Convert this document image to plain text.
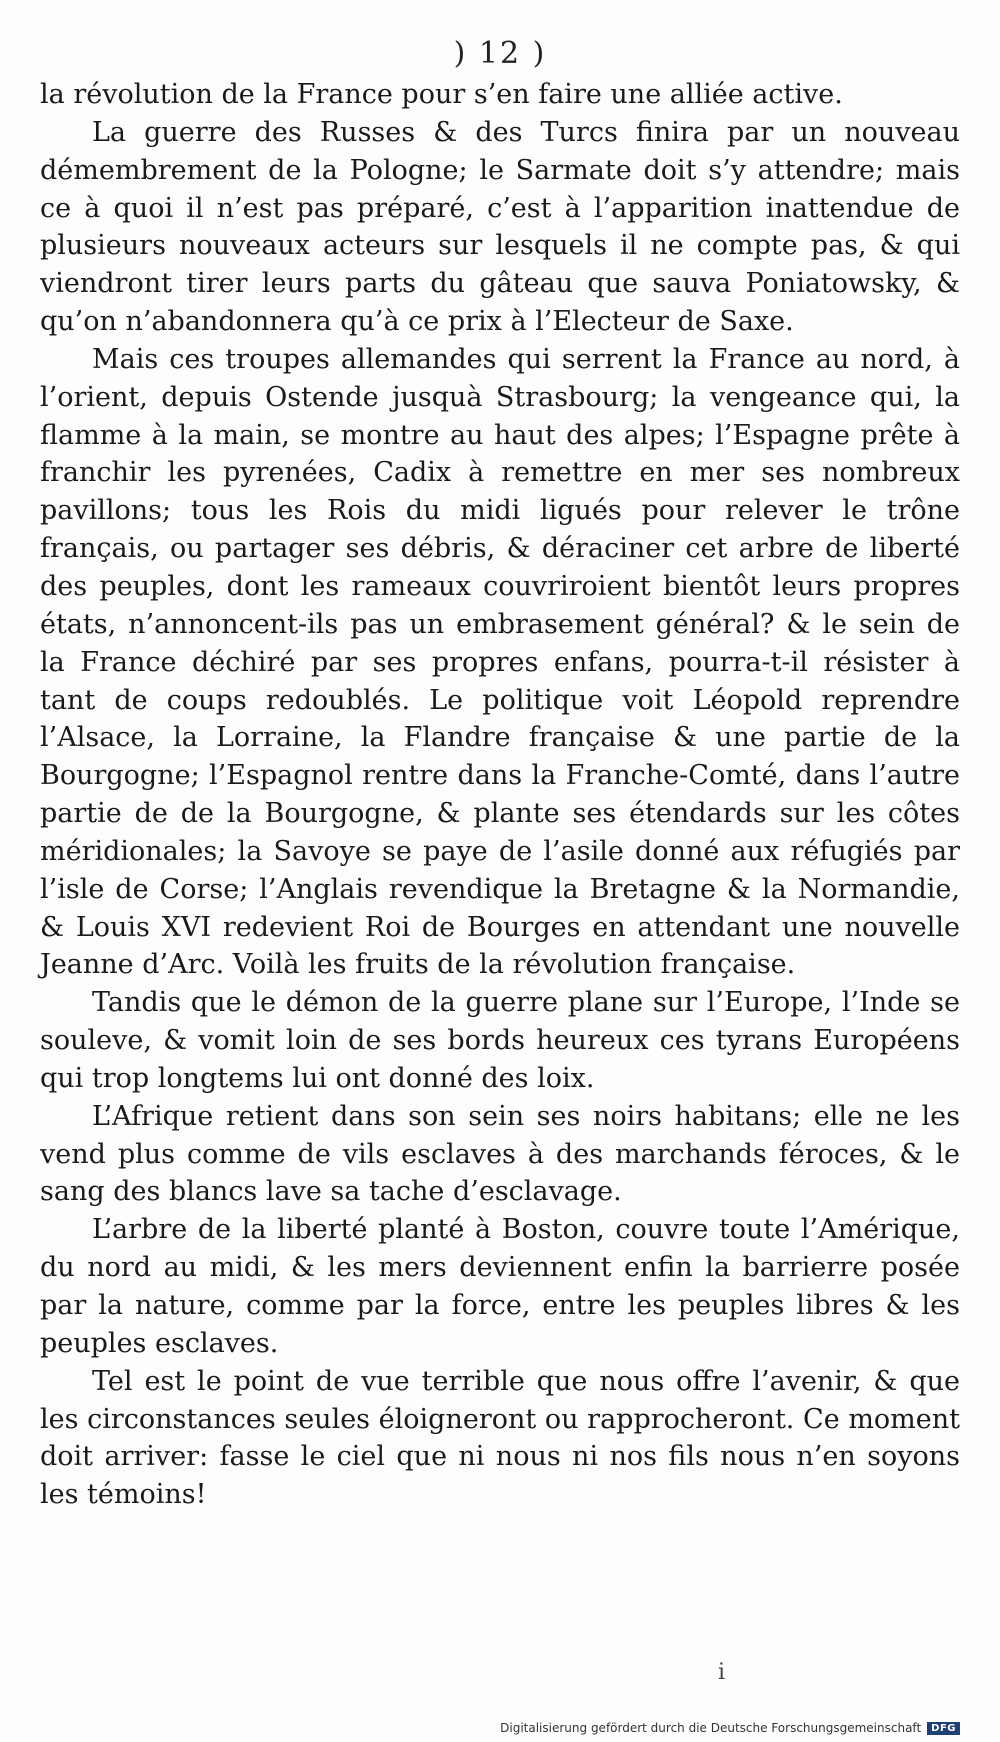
) 12 )

la révolution de la France pour s’en faire une alliée active.

La guerre des Russes & des Turcs finira par un nouveau démembrement de la Pologne; le Sarmate doit s’y attendre; mais ce à quoi il n’est pas préparé, c’est à l’apparition inattendue de plusieurs nouveaux acteurs sur lesquels il ne compte pas, & qui viendront tirer leurs parts du gâteau que sauva Poniatowsky, & qu’on n’abandonnera qu’à ce prix à l’Electeur de Saxe.

Mais ces troupes allemandes qui serrent la France au nord, à l’orient, depuis Ostende jusquà Strasbourg; la vengeance qui, la flamme à la main, se montre au haut des alpes; l’Espagne prête à franchir les pyrenées, Cadix à remettre en mer ses nombreux pavillons; tous les Rois du midi ligués pour relever le trône français, ou partager ses débris, & déraciner cet arbre de liberté des peuples, dont les rameaux couvriroient bientôt leurs propres états, n’annoncent-ils pas un embrasement général? & le sein de la France déchiré par ses propres enfans, pourra-t-il résister à tant de coups redoublés. Le politique voit Léopold reprendre l’Alsace, la Lorraine, la Flandre française & une partie de la Bourgogne; l’Espagnol rentre dans la Franche-Comté, dans l’autre partie de de la Bourgogne, & plante ses étendards sur les côtes méridionales; la Savoye se paye de l’asile donné aux réfugiés par l’isle de Corse; l’Anglais revendique la Bretagne & la Normandie, & Louis XVI redevient Roi de Bourges en attendant une nouvelle Jeanne d’Arc. Voilà les fruits de la révolution française.

Tandis que le démon de la guerre plane sur l’Europe, l’Inde se souleve, & vomit loin de ses bords heureux ces tyrans Européens qui trop longtems lui ont donné des loix.

L’Afrique retient dans son sein ses noirs habitans; elle ne les vend plus comme de vils esclaves à des marchands féroces, & le sang des blancs lave sa tache d’esclavage.

L’arbre de la liberté planté à Boston, couvre toute l’Amérique, du nord au midi, & les mers deviennent enfin la barrierre posée par la nature, comme par la force, entre les peuples libres & les peuples esclaves.

Tel est le point de vue terrible que nous offre l’avenir, & que les circonstances seules éloigneront ou rapprocheront. Ce moment doit arriver: fasse le ciel que ni nous ni nos fils nous n’en soyons les témoins!

i
Digitalisierung gefördert durch die Deutsche Forschungsgemeinschaft	DFG
